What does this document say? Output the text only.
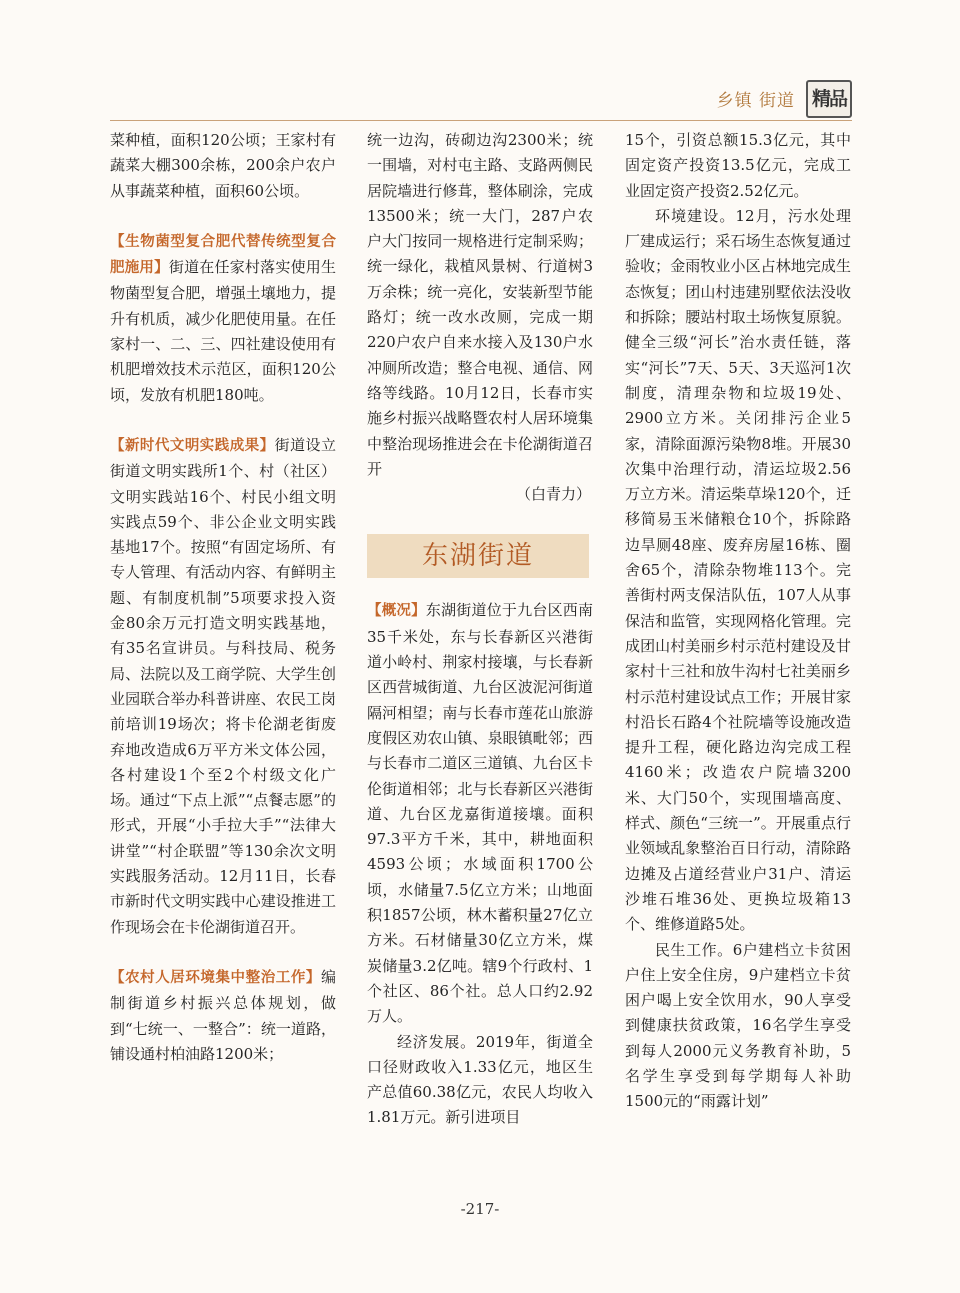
乡镇 街道 精品

菜种植，面积120公顷；王家村有蔬菜大棚300余栋，200余户农户从事蔬菜种植，面积60公顷。

【生物菌型复合肥代替传统型复合肥施用】街道在任家村落实使用生物菌型复合肥，增强土壤地力，提升有机质，减少化肥使用量。在任家村一、二、三、四社建设使用有机肥增效技术示范区，面积120公顷，发放有机肥180吨。

【新时代文明实践成果】街道设立街道文明实践所1个、村（社区）文明实践站16个、村民小组文明实践点59个、非公企业文明实践基地17个。按照“有固定场所、有专人管理、有活动内容、有鲜明主题、有制度机制”5项要求投入资金80余万元打造文明实践基地，有35名宣讲员。与科技局、税务局、法院以及工商学院、大学生创业园联合举办科普讲座、农民工岗前培训19场次；将卡伦湖老街废弃地改造成6万平方米文体公园，各村建设1个至2个村级文化广场。通过“下点上派”“点餐志愿”的形式，开展“小手拉大手”“法律大讲堂”“村企联盟”等130余次文明实践服务活动。12月11日，长春市新时代文明实践中心建设推进工作现场会在卡伦湖街道召开。

【农村人居环境集中整治工作】编制街道乡村振兴总体规划，做到“七统一、一整合”：统一道路，铺设通村柏油路1200米；

统一边沟，砖砌边沟2300米；统一围墙，对村屯主路、支路两侧民居院墙进行修葺，整体刷涂，完成13500米；统一大门，287户农户大门按同一规格进行定制采购；统一绿化，栽植风景树、行道树3万余株；统一亮化，安装新型节能路灯；统一改水改厕，完成一期220户农户自来水接入及130户水冲厕所改造；整合电视、通信、网络等线路。10月12日，长春市实施乡村振兴战略暨农村人居环境集中整治现场推进会在卡伦湖街道召开

（白青力）

东湖街道

【概况】东湖街道位于九台区西南35千米处，东与长春新区兴港街道小岭村、荆家村接壤，与长春新区西营城街道、九台区波泥河街道隔河相望；南与长春市莲花山旅游度假区劝农山镇、泉眼镇毗邻；西与长春市二道区三道镇、九台区卡伦街道相邻；北与长春新区兴港街道、九台区龙嘉街道接壤。面积97.3平方千米，其中，耕地面积4593公顷；水域面积1700公顷，水储量7.5亿立方米；山地面积1857公顷，林木蓄积量27亿立方米。石材储量30亿立方米，煤炭储量3.2亿吨。辖9个行政村、1个社区、86个社。总人口约2.92万人。

经济发展。2019年，街道全口径财政收入1.33亿元，地区生产总值60.38亿元，农民人均收入1.81万元。新引进项目

15个，引资总额15.3亿元，其中固定资产投资13.5亿元，完成工业固定资产投资2.52亿元。

环境建设。12月，污水处理厂建成运行；采石场生态恢复通过验收；金雨牧业小区占林地完成生态恢复；团山村违建别墅依法没收和拆除；腰站村取土场恢复原貌。健全三级“河长”治水责任链，落实“河长”7天、5天、3天巡河1次制度，清理杂物和垃圾19处、2900立方米。关闭排污企业5家，清除面源污染物8堆。开展30次集中治理行动，清运垃圾2.56万立方米。清运柴草垛120个，迁移简易玉米储粮仓10个，拆除路边旱厕48座、废弃房屋16栋、圈舍65个，清除杂物堆113个。完善街村两支保洁队伍，107人从事保洁和监管，实现网格化管理。完成团山村美丽乡村示范村建设及甘家村十三社和放牛沟村七社美丽乡村示范村建设试点工作；开展甘家村沿长石路4个社院墙等设施改造提升工程，硬化路边沟完成工程4160米；改造农户院墙3200米、大门50个，实现围墙高度、样式、颜色“三统一”。开展重点行业领域乱象整治百日行动，清除路边摊及占道经营业户31户、清运沙堆石堆36处、更换垃圾箱13个、维修道路5处。

民生工作。6户建档立卡贫困户住上安全住房，9户建档立卡贫困户喝上安全饮用水，90人享受到健康扶贫政策，16名学生享受到每人2000元义务教育补助，5名学生享受到每学期每人补助1500元的“雨露计划”

-217-
